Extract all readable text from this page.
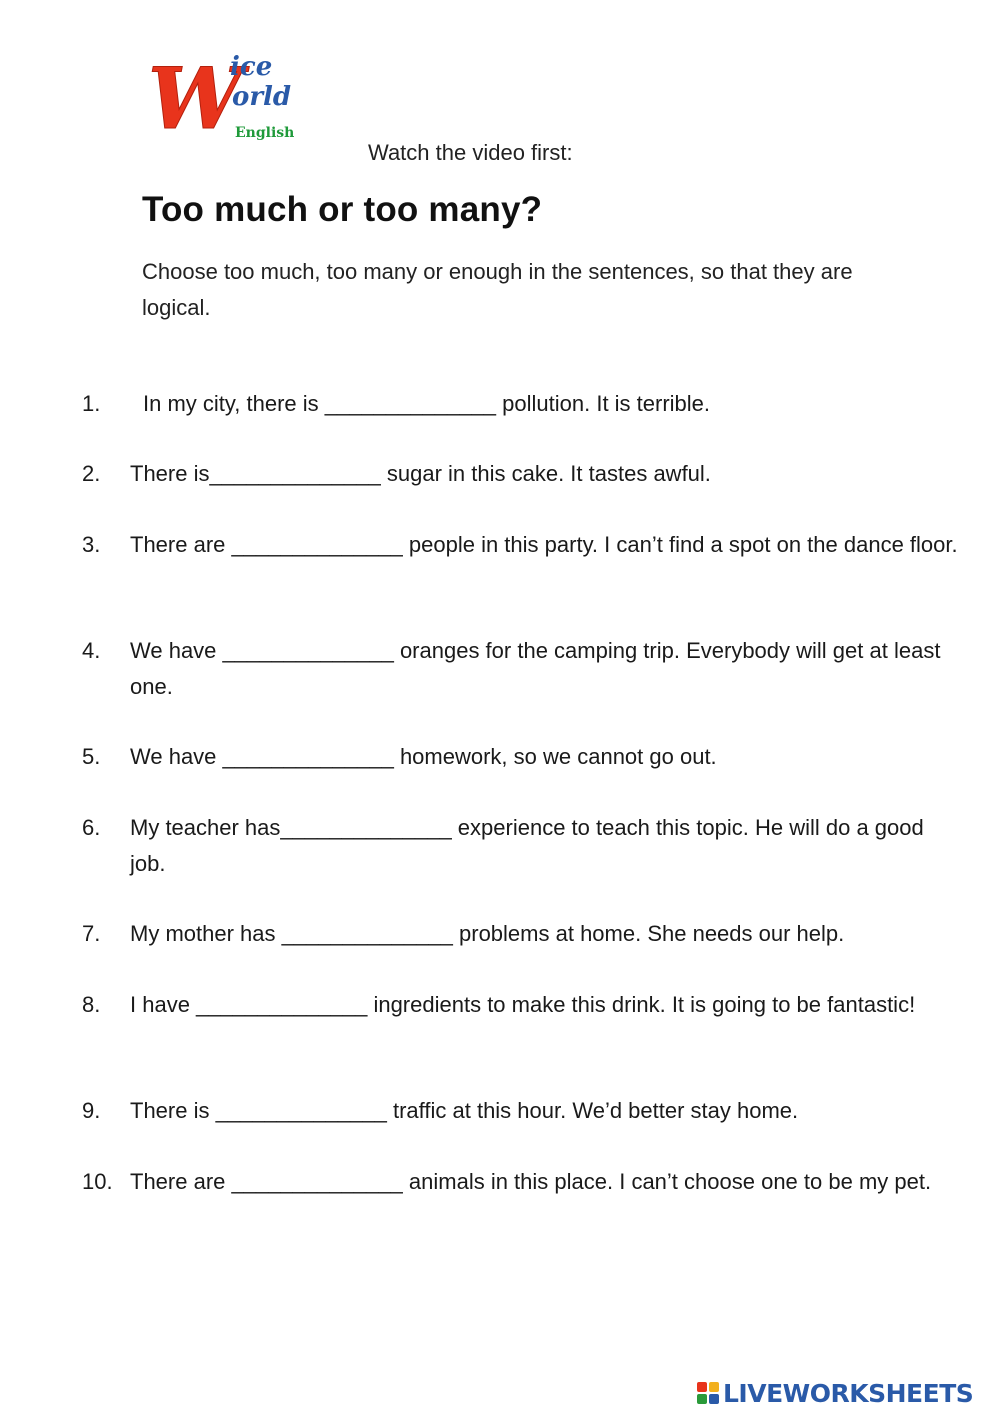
W
ice
orld
English
Watch the video first:
Too much or too many?

Choose too much, too many or enough in the sentences, so that they are logical.

1. In my city, there is ______________ pollution. It is terrible.
2. There is______________ sugar in this cake. It tastes awful.
3. There are ______________ people in this party. I can’t find a spot on the dance floor.
4. We have ______________ oranges for the camping trip. Everybody will get at least one.
5. We have ______________ homework, so we cannot go out.
6. My teacher has______________ experience to teach this topic. He will do a good job.
7. My mother has ______________ problems at home. She needs our help.
8. I have ______________ ingredients to make this drink. It is going to be fantastic!
9. There is ______________ traffic at this hour. We’d better stay home.
10. There are ______________ animals in this place. I can’t choose one to be my pet.
LIVEWORKSHEETS
